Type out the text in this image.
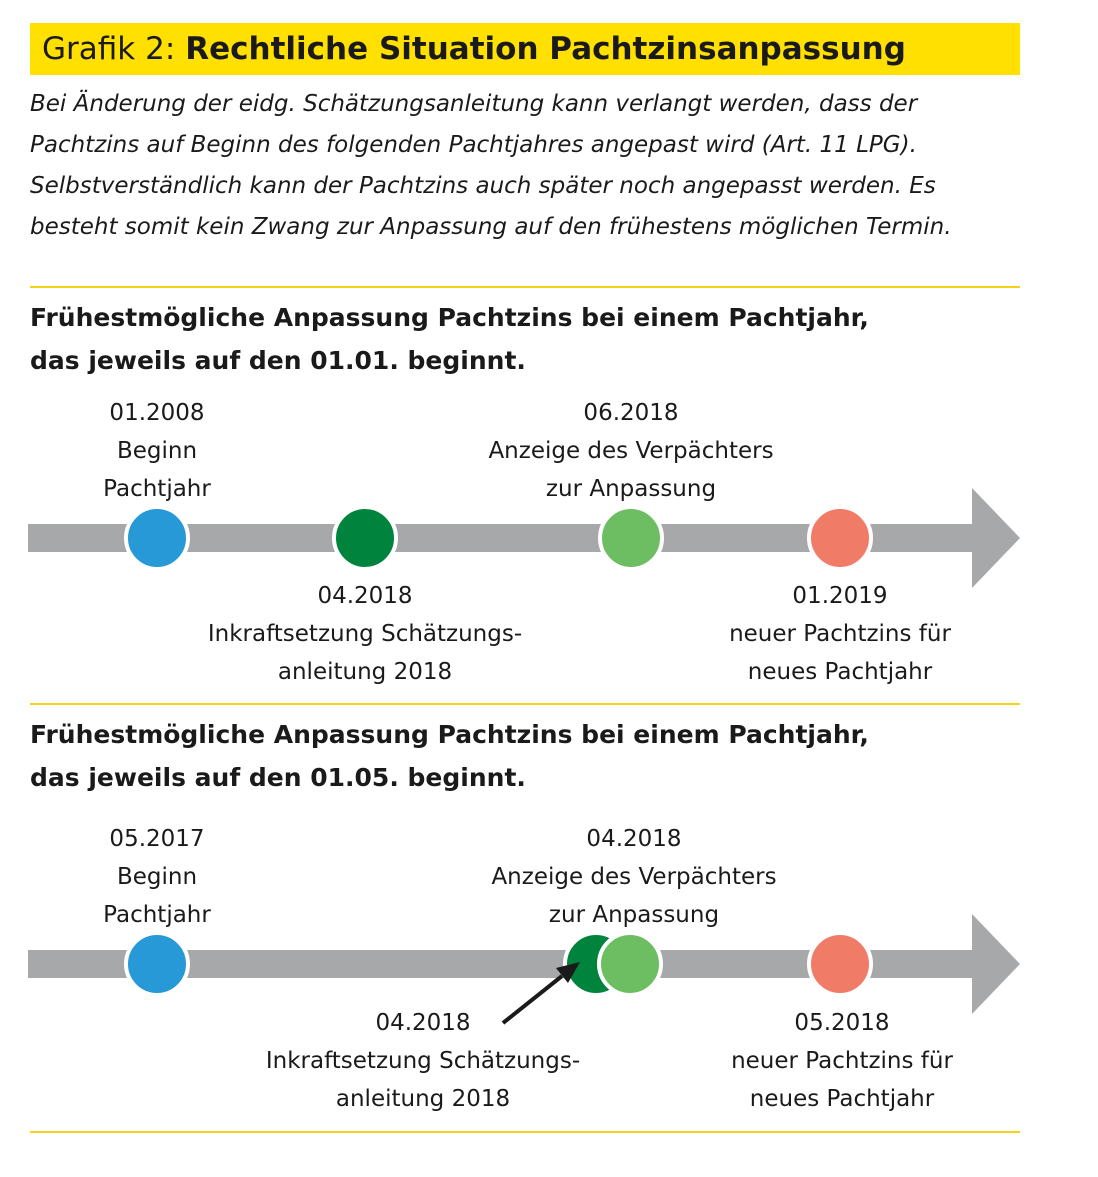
Grafik 2: Rechtliche Situation Pachtzinsanpassung

Bei Änderung der eidg. Schätzungsanleitung kann verlangt werden, dass der Pachtzins auf Beginn des folgenden Pachtjahres angepast wird (Art. 11 LPG). Selbstverständlich kann der Pachtzins auch später noch angepasst werden. Es besteht somit kein Zwang zur Anpassung auf den frühestens möglichen Termin.

Frühestmögliche Anpassung Pachtzins bei einem Pachtjahr,
das jeweils auf den 01.01. beginnt.

01.2008
Beginn
Pachtjahr
06.2018
Anzeige des Verpächters
zur Anpassung
04.2018
Inkraftsetzung Schätzungs-
anleitung 2018
01.2019
neuer Pachtzins für
neues Pachtjahr

Frühestmögliche Anpassung Pachtzins bei einem Pachtjahr,
das jeweils auf den 01.05. beginnt.

05.2017
Beginn
Pachtjahr
04.2018
Anzeige des Verpächters
zur Anpassung
04.2018
Inkraftsetzung Schätzungs-
anleitung 2018
05.2018
neuer Pachtzins für
neues Pachtjahr
